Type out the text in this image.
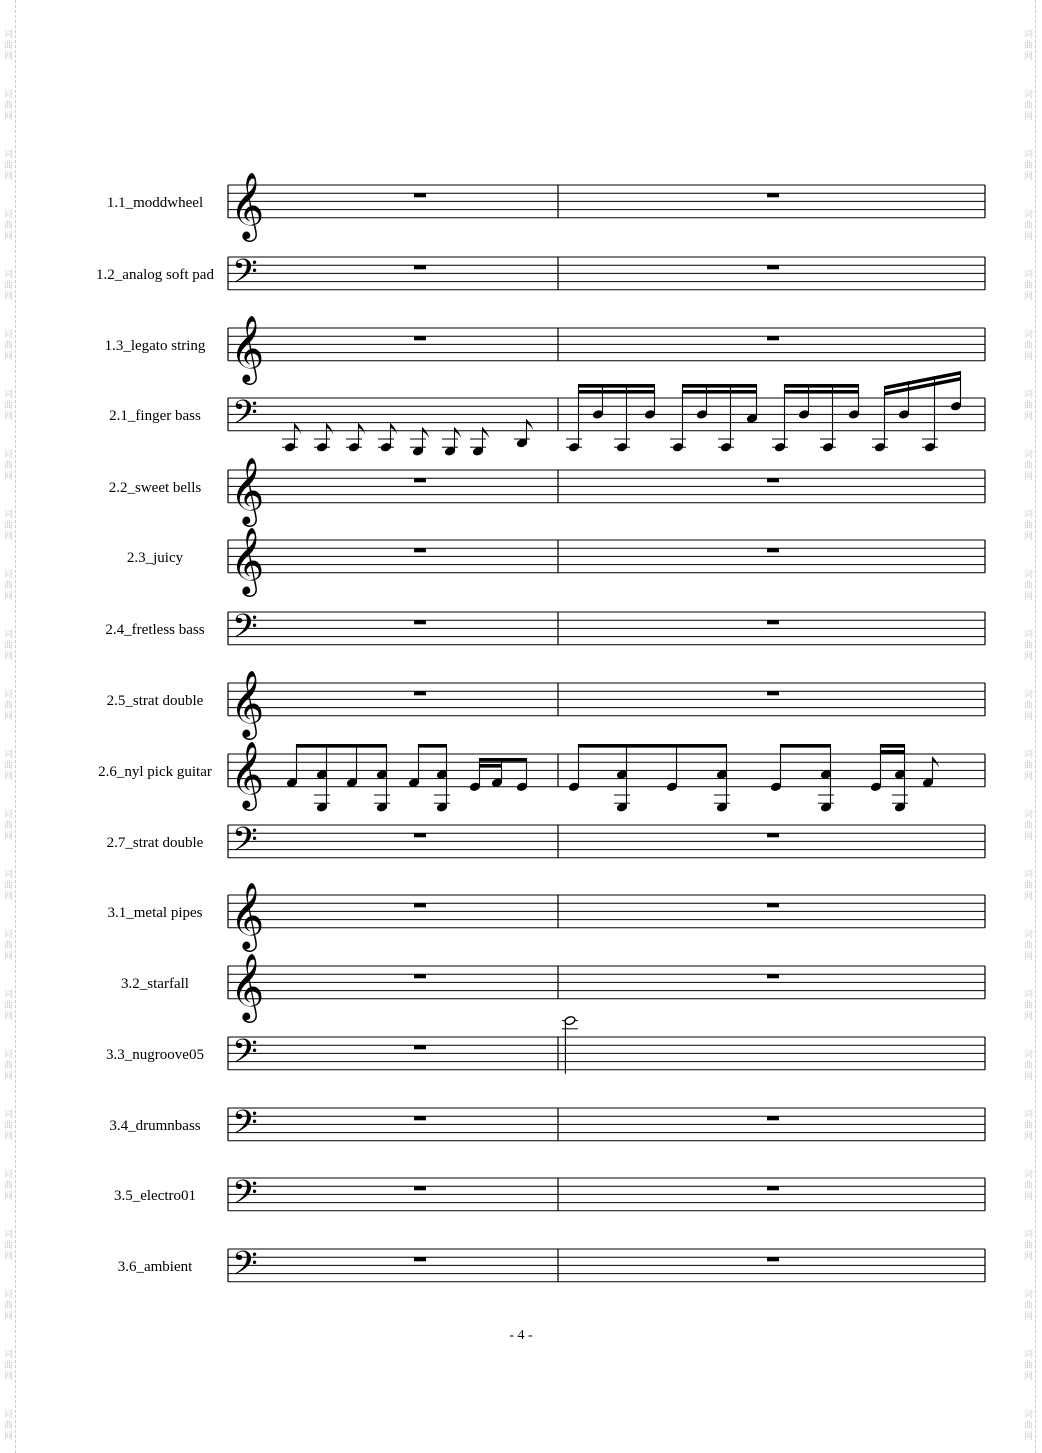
词
曲
网
词
曲
网
词
曲
网
词
曲
网
词
曲
网
词
曲
网
词
曲
网
词
曲
网
词
曲
网
词
曲
网
词
曲
网
词
曲
网
词
曲
网
词
曲
网
词
曲
网
词
曲
网
词
曲
网
词
曲
网
词
曲
网
词
曲
网
词
曲
网
词
曲
网
词
曲
网
词
曲
网
词
曲
网
词
曲
网
词
曲
网
词
曲
网
词
曲
网
词
曲
网
词
曲
网
词
曲
网
词
曲
网
词
曲
网
词
曲
网
词
曲
网
词
曲
网
词
曲
网
词
曲
网
词
曲
网
词
曲
网
词
曲
网
词
曲
网
词
曲
网
词
曲
网
词
曲
网
词
曲
网
词
曲
网
𝄞
𝄢
𝄞
𝄢
𝄞
𝄞
𝄢
𝄞
𝄞
𝄢
𝄞
𝄞
𝄢
𝄢
𝄢
𝄢
1.1_moddwheel
1.2_analog soft pad
1.3_legato string
2.1_finger bass
2.2_sweet bells
2.3_juicy
2.4_fretless bass
2.5_strat double
2.6_nyl pick guitar
2.7_strat double
3.1_metal pipes
3.2_starfall
3.3_nugroove05
3.4_drumnbass
3.5_electro01
3.6_ambient
- 4 -
